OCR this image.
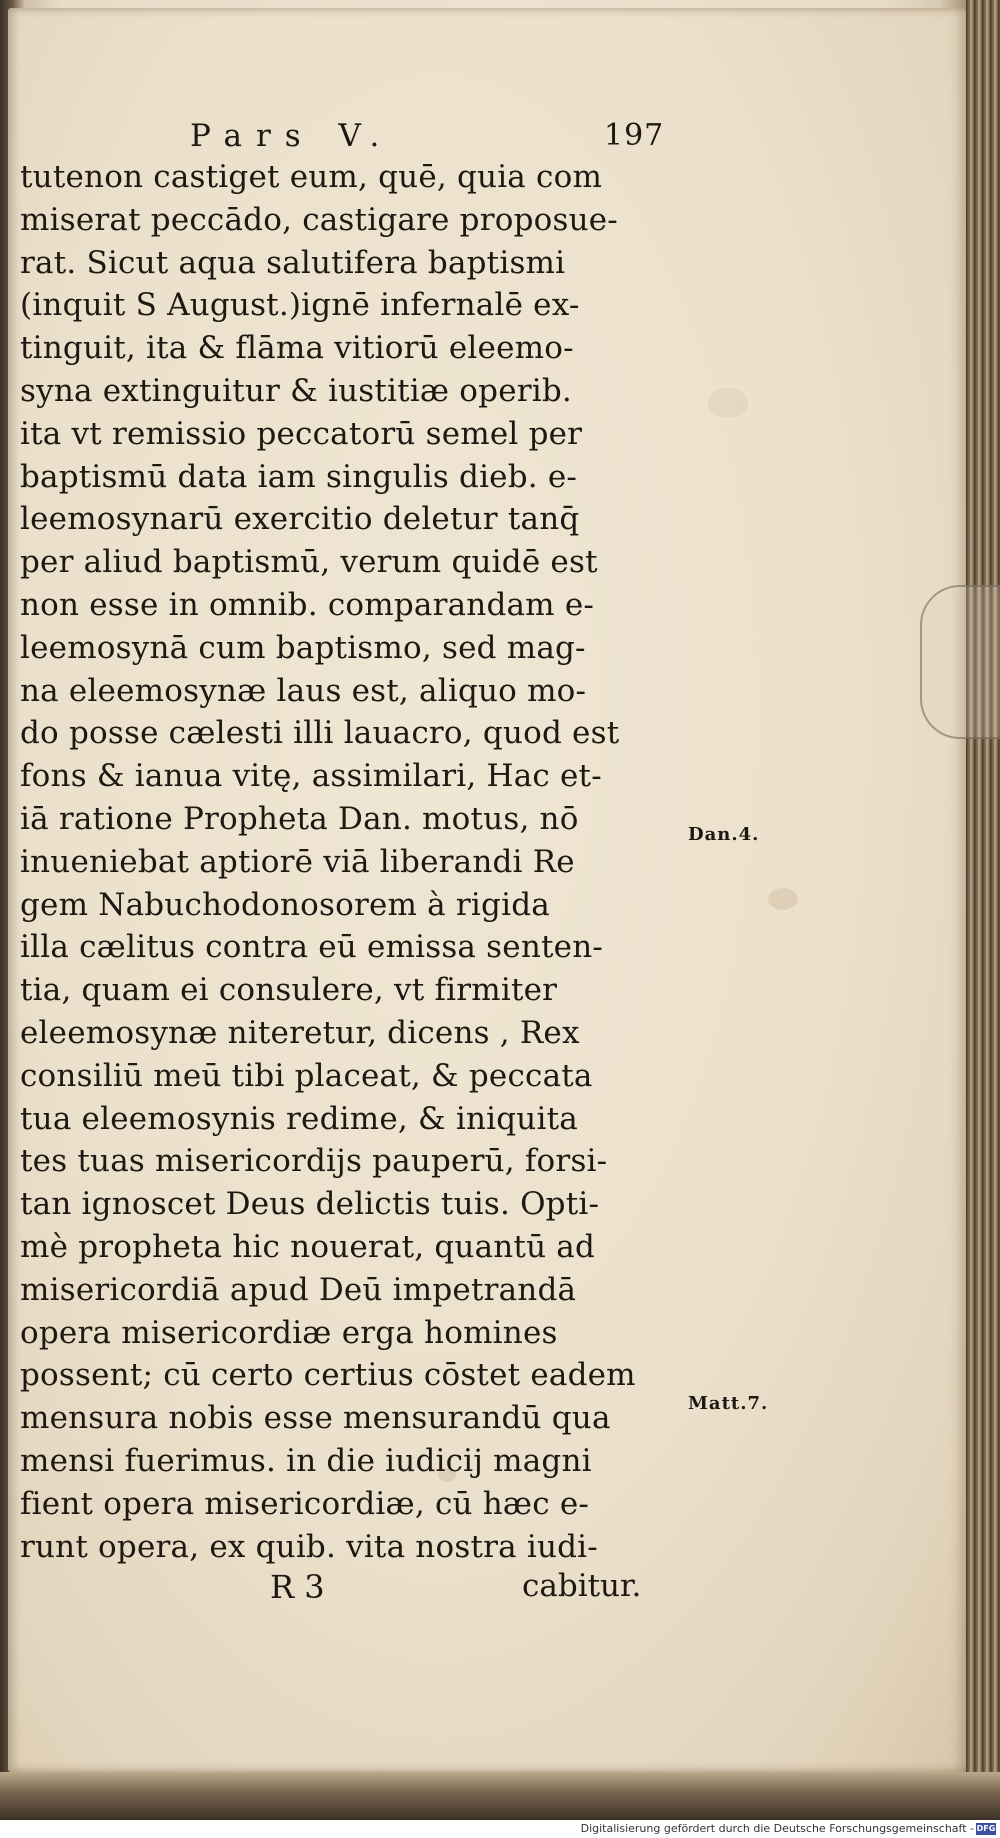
Pars V.	197
tutenon castiget eum, quē, quia com
miserat peccādo, castigare proposue-
rat. Sicut aqua salutifera baptismi
(inquit S August.)ignē infernalē ex-
tinguit, ita & flāma vitiorū eleemo-
syna extinguitur & iustitiæ operib.
ita vt remissio peccatorū semel per
baptismū data iam singulis dieb. e-
leemosynarū exercitio deletur tanq̄
per aliud baptismū, verum quidē est
non esse in omnib. comparandam e-
leemosynā cum baptismo, sed mag-
na eleemosynæ laus est, aliquo mo-
do posse cælesti illi lauacro, quod est
fons & ianua vitę, assimilari, Hac et-
iā ratione Propheta Dan. motus, nō
inueniebat aptiorē viā liberandi Re
gem Nabuchodonosorem à rigida
illa cælitus contra eū emissa senten-
tia, quam ei consulere, vt firmiter
eleemosynæ niteretur, dicens , Rex
consiliū meū tibi placeat, & peccata
tua eleemosynis redime, & iniquita
tes tuas misericordijs pauperū, forsi-
tan ignoscet Deus delictis tuis. Opti-
mè propheta hic nouerat, quantū ad
misericordiā apud Deū impetrandā
opera misericordiæ erga homines
possent; cū certo certius cōstet eadem
mensura nobis esse mensurandū qua
mensi fuerimus. in die iudicij magni
fient opera misericordiæ, cū hæc e-
runt opera, ex quib. vita nostra iudi-
Dan.4.
Matt.7.
R 3	cabitur.
Digitalisierung gefördert durch die Deutsche Forschungsgemeinschaft - DFG
